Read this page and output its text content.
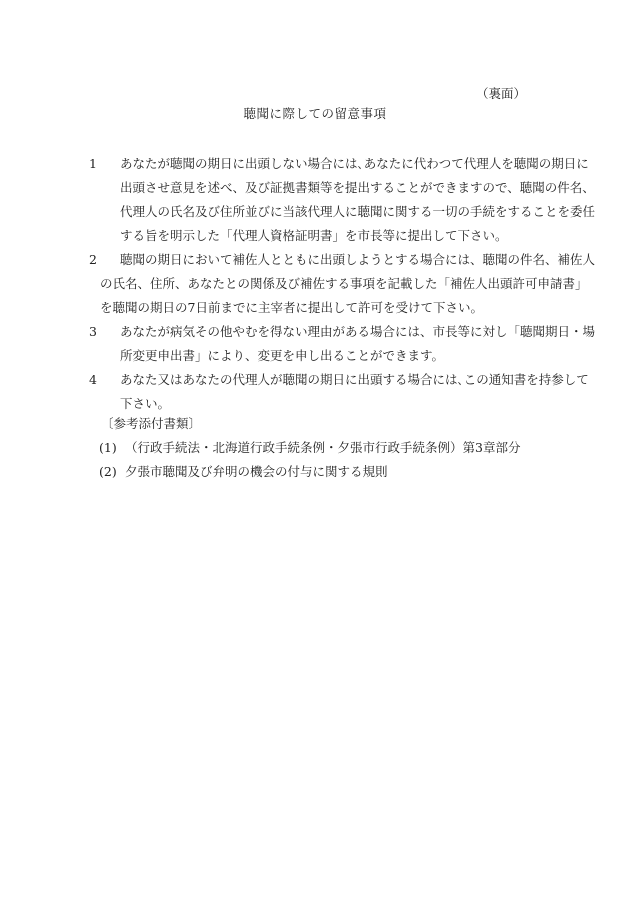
（裏面）
聴聞に際しての留意事項
1 あなたが聴聞の期日に出頭しない場合には､あなたに代わつて代理人を聴聞の期日に
出頭させ意見を述べ、及び証拠書類等を提出することができますので、聴聞の件名、
代理人の氏名及び住所並びに当該代理人に聴聞に関する一切の手続をすることを委任
する旨を明示した「代理人資格証明書」を市長等に提出して下さい。
2 聴聞の期日において補佐人とともに出頭しようとする場合には、聴聞の件名、補佐人
の氏名、住所、あなたとの関係及び補佐する事項を記載した「補佐人出頭許可申請書」
を聴聞の期日の7日前までに主宰者に提出して許可を受けて下さい。
3 あなたが病気その他やむを得ない理由がある場合には、市長等に対し「聴聞期日・場
所変更申出書」により、変更を申し出ることができます。
4 あなた又はあなたの代理人が聴聞の期日に出頭する場合には､この通知書を持参して
下さい。
〔参考添付書類〕
(1) （行政手続法・北海道行政手続条例・夕張市行政手続条例）第3章部分
(2) 夕張市聴聞及び弁明の機会の付与に関する規則
